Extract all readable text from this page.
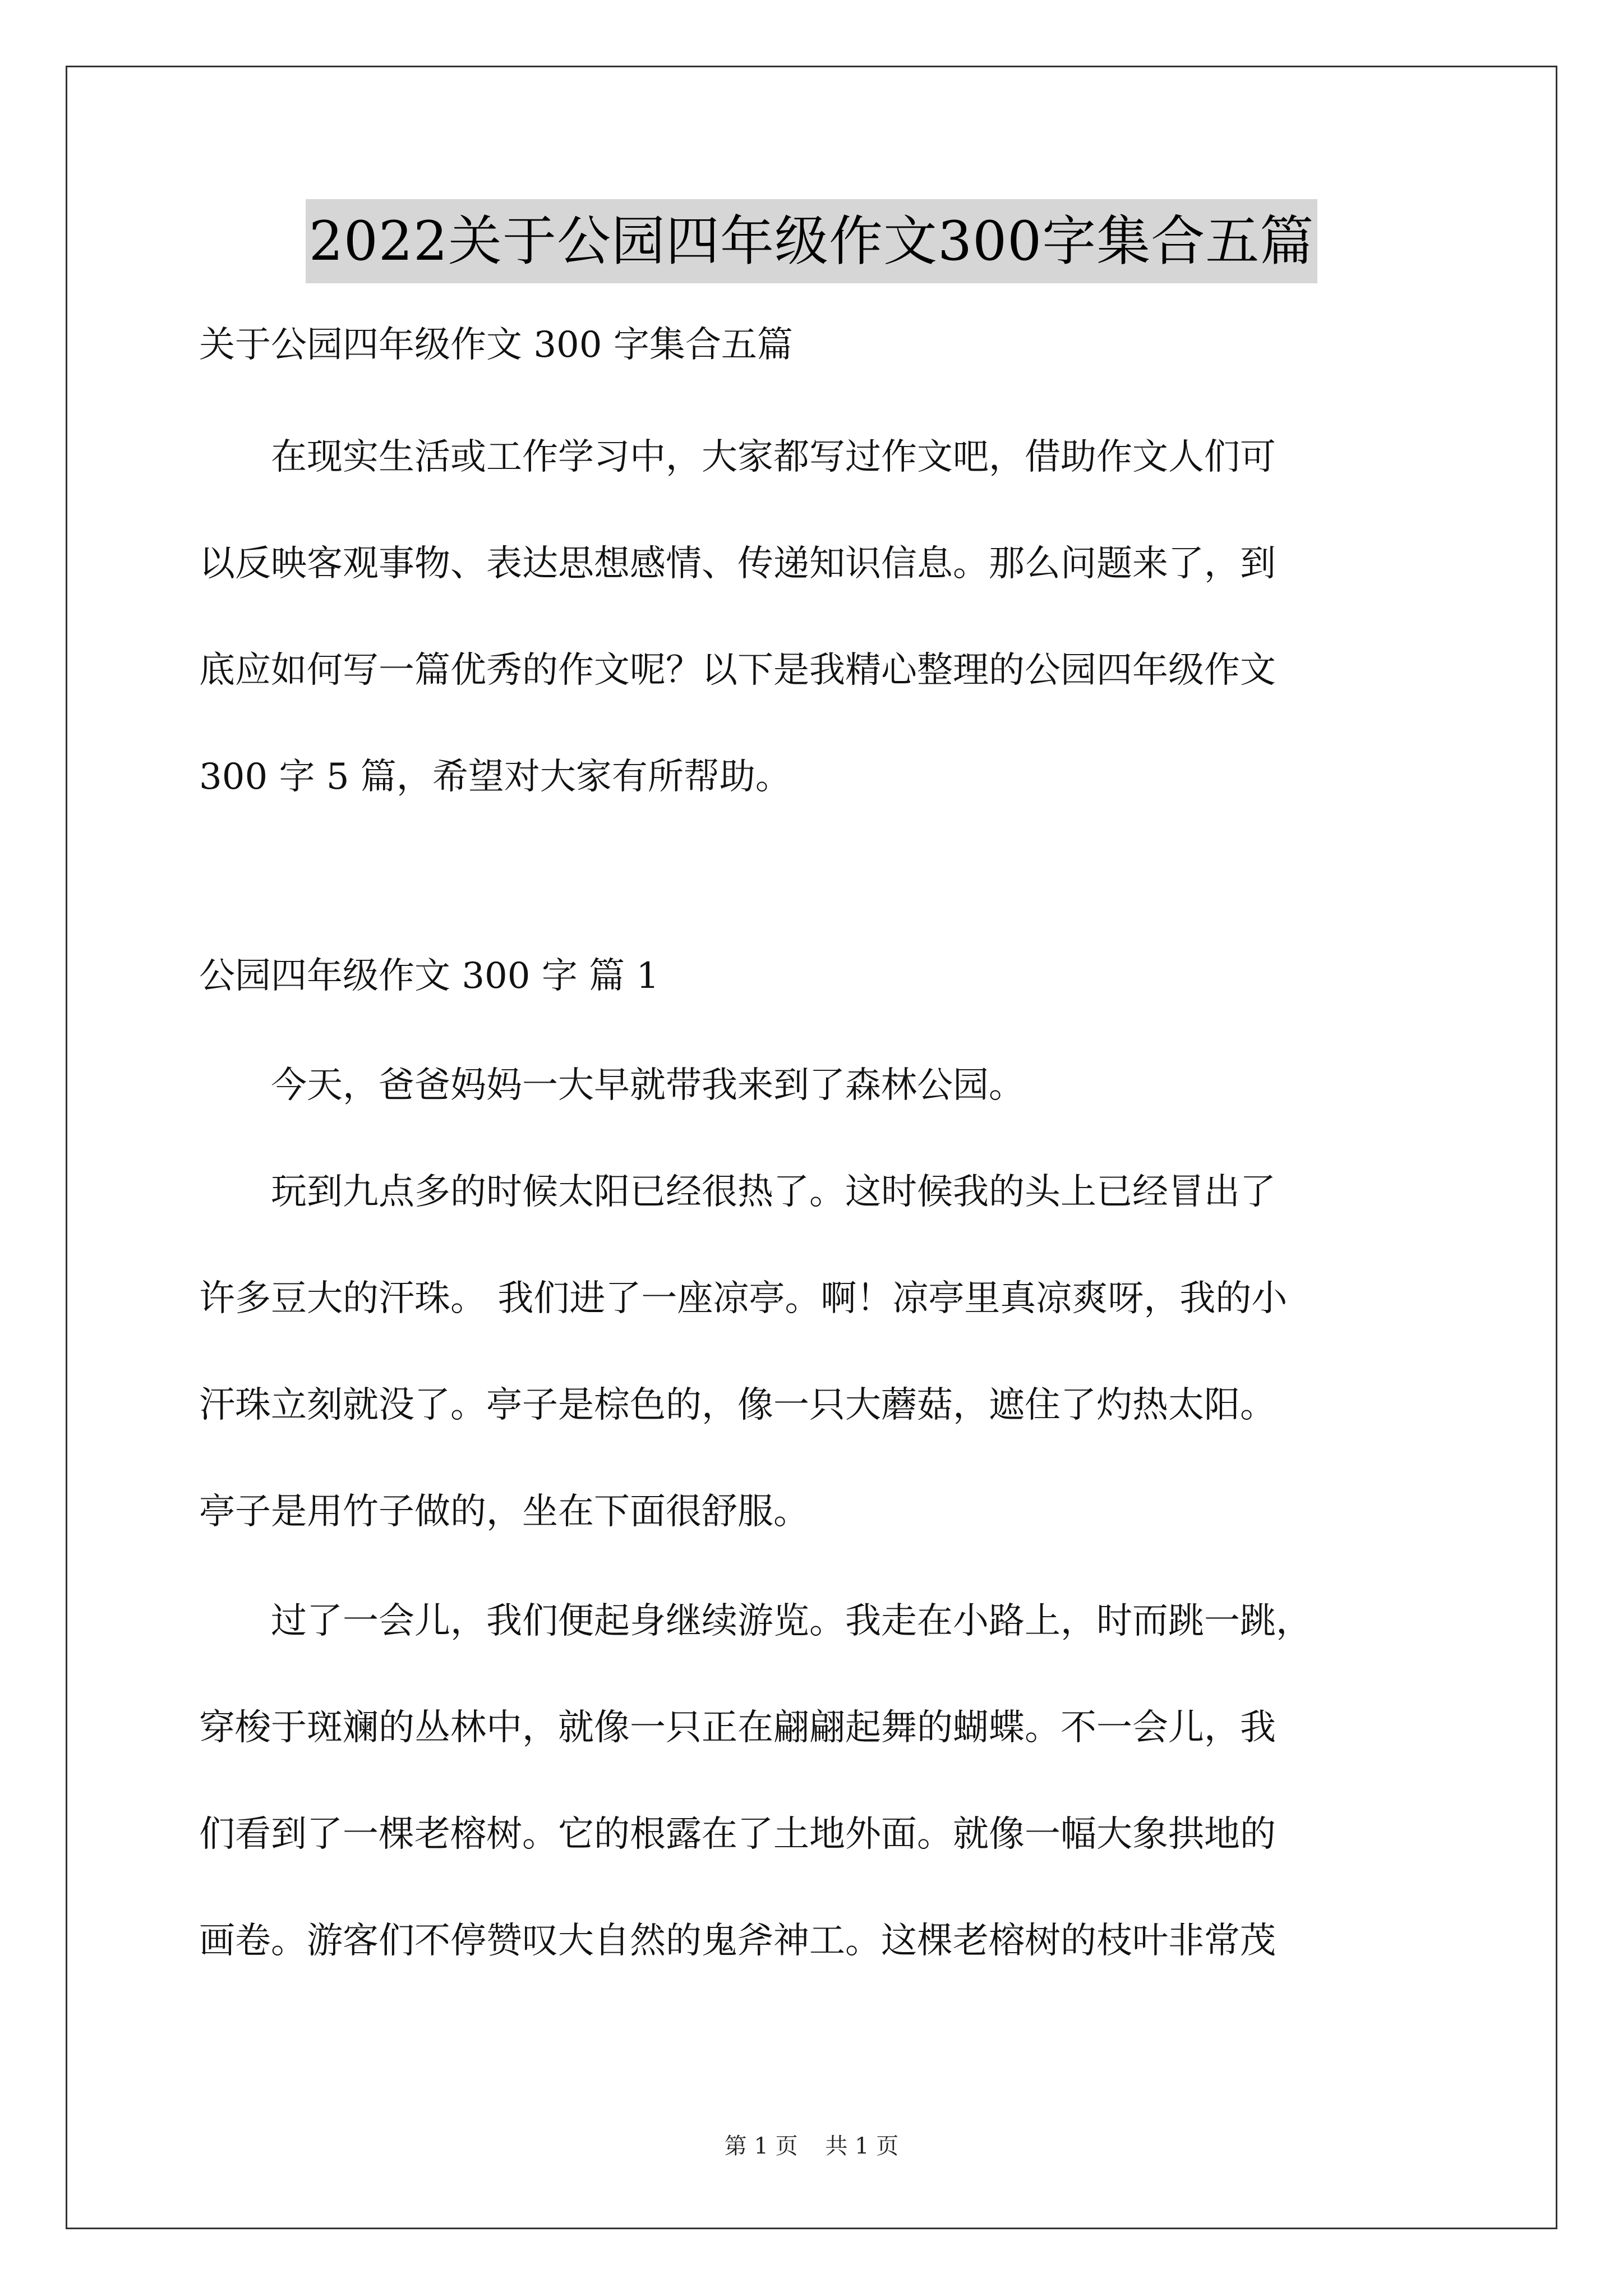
2022关于公园四年级作文300字集合五篇
关于公园四年级作文 300 字集合五篇
　　在现实生活或工作学习中，大家都写过作文吧，借助作文人们可
以反映客观事物、表达思想感情、传递知识信息。那么问题来了，到
底应如何写一篇优秀的作文呢？以下是我精心整理的公园四年级作文
300 字 5 篇，希望对大家有所帮助。
公园四年级作文 300 字 篇 1
　　今天，爸爸妈妈一大早就带我来到了森林公园。
　　玩到九点多的时候太阳已经很热了。这时候我的头上已经冒出了
许多豆大的汗珠。 我们进了一座凉亭。啊！凉亭里真凉爽呀，我的小
汗珠立刻就没了。亭子是棕色的，像一只大蘑菇，遮住了灼热太阳。
亭子是用竹子做的，坐在下面很舒服。
　　过了一会儿，我们便起身继续游览。我走在小路上，时而跳一跳，
穿梭于斑斓的丛林中，就像一只正在翩翩起舞的蝴蝶。不一会儿，我
们看到了一棵老榕树。它的根露在了土地外面。就像一幅大象拱地的
画卷。游客们不停赞叹大自然的鬼斧神工。这棵老榕树的枝叶非常茂
第 1 页 共 1 页
